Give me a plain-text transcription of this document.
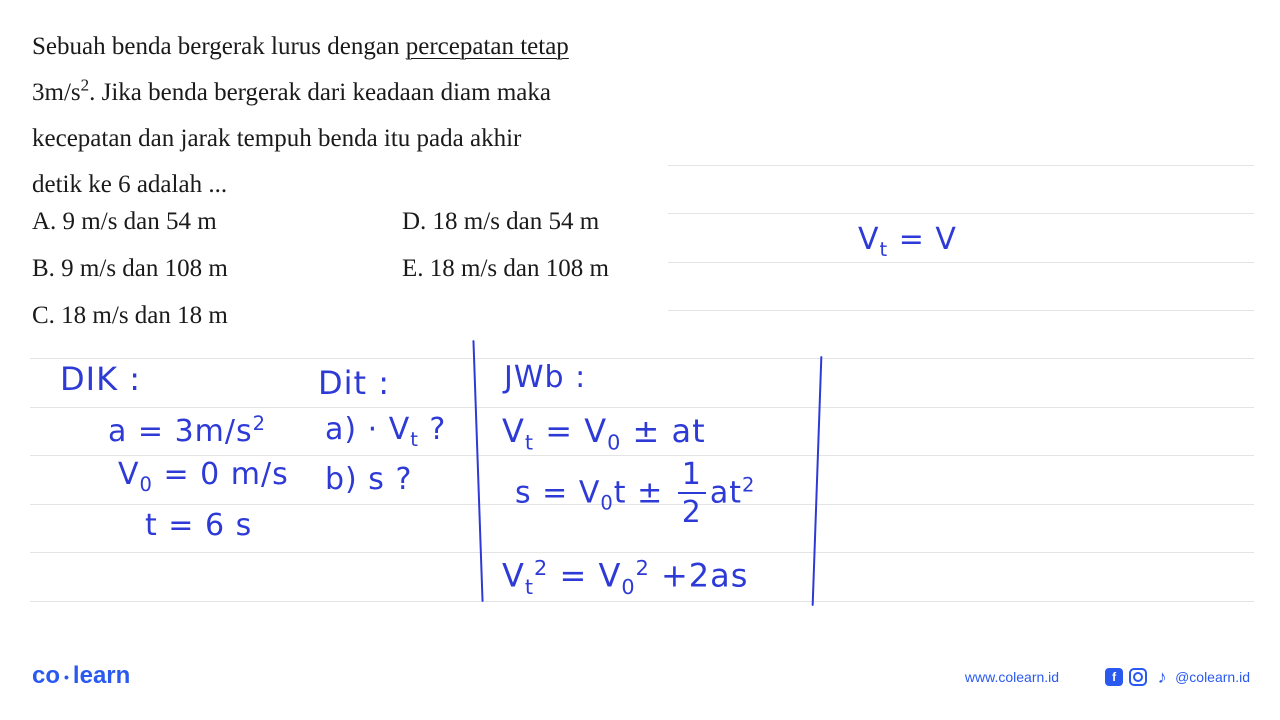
Sebuah benda bergerak lurus dengan percepatan tetap

$3m/s^2$. Jika benda bergerak dari keadaan diam maka

kecepatan dan jarak tempuh benda itu pada akhir

detik ke 6 adalah ...

A. 9 m/s dan 54 m
B. 9 m/s dan 108 m
C. 18 m/s dan 18 m
D. 18 m/s dan 54 m
E. 18 m/s dan 108 m
$V_t = V$
DIK :
$a = 3m/s^2$
$V_0 = 0$ m/s
t = 6 s
Dit :
$a) \cdot V_t$ ?
b) s ?
JWb :
$V_t = V_0$ ± at
$s = V_0t \pm \frac{1}{2} at^2$
$V_t^2 = V_0^2 +2as$
co • learn	www.colearn.id	f	♪ @colearn.id
